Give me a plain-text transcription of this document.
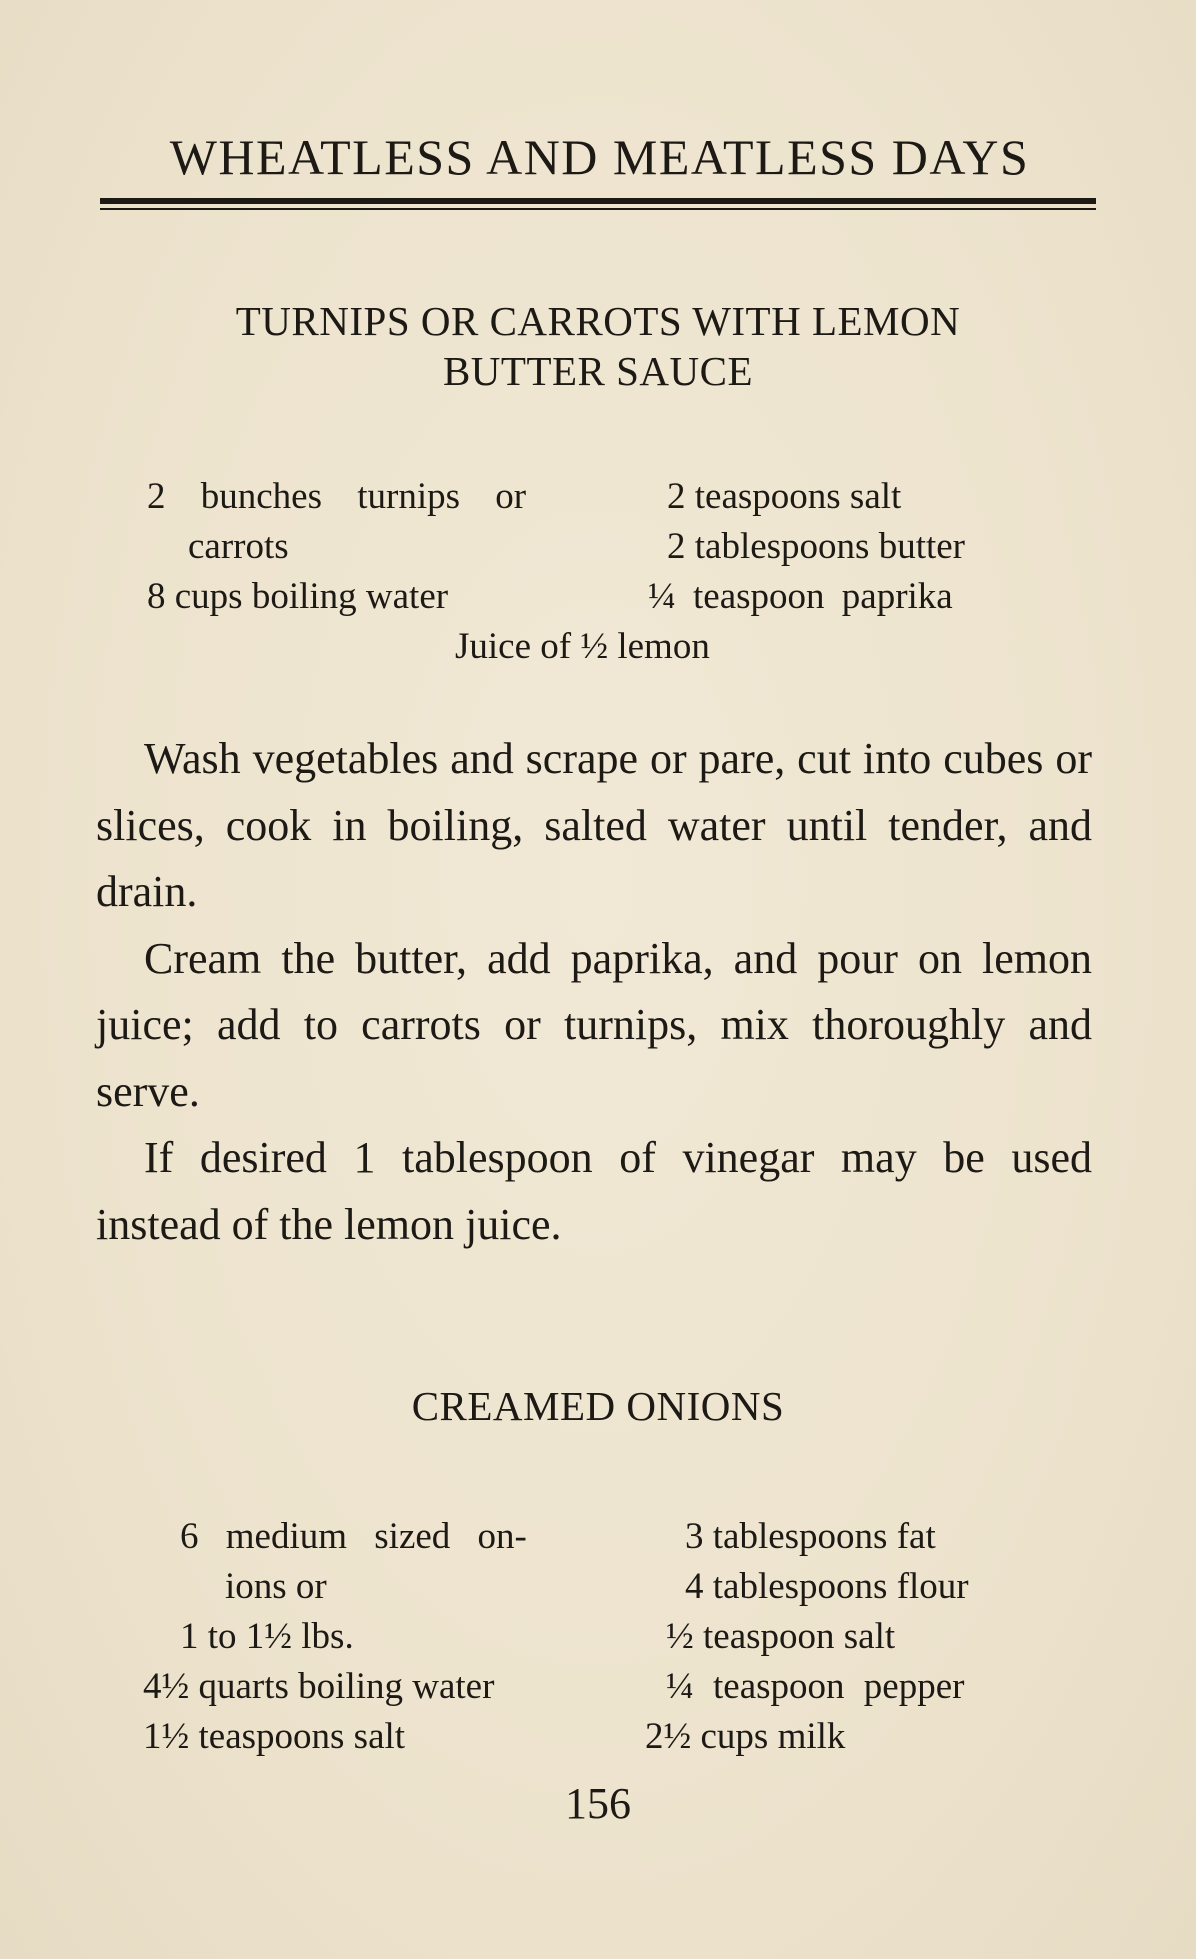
WHEATLESS AND MEATLESS DAYS
TURNIPS OR CARROTS WITH LEMON
BUTTER SAUCE
2 bunches turnips or
carrots
8 cups boiling water
2 teaspoons salt
2 tablespoons butter
¼ teaspoon paprika
Juice of ½ lemon

Wash vegetables and scrape or pare, cut into cubes or slices, cook in boiling, salted water until tender, and drain.

Cream the butter, add paprika, and pour on lemon juice; add to carrots or turnips, mix thoroughly and serve.

If desired 1 tablespoon of vinegar may be used instead of the lemon juice.

CREAMED ONIONS
6 medium sized on-
ions or
1 to 1½ lbs.
4½ quarts boiling water
1½ teaspoons salt
3 tablespoons fat
4 tablespoons flour
½ teaspoon salt
¼ teaspoon pepper
2½ cups milk
156
